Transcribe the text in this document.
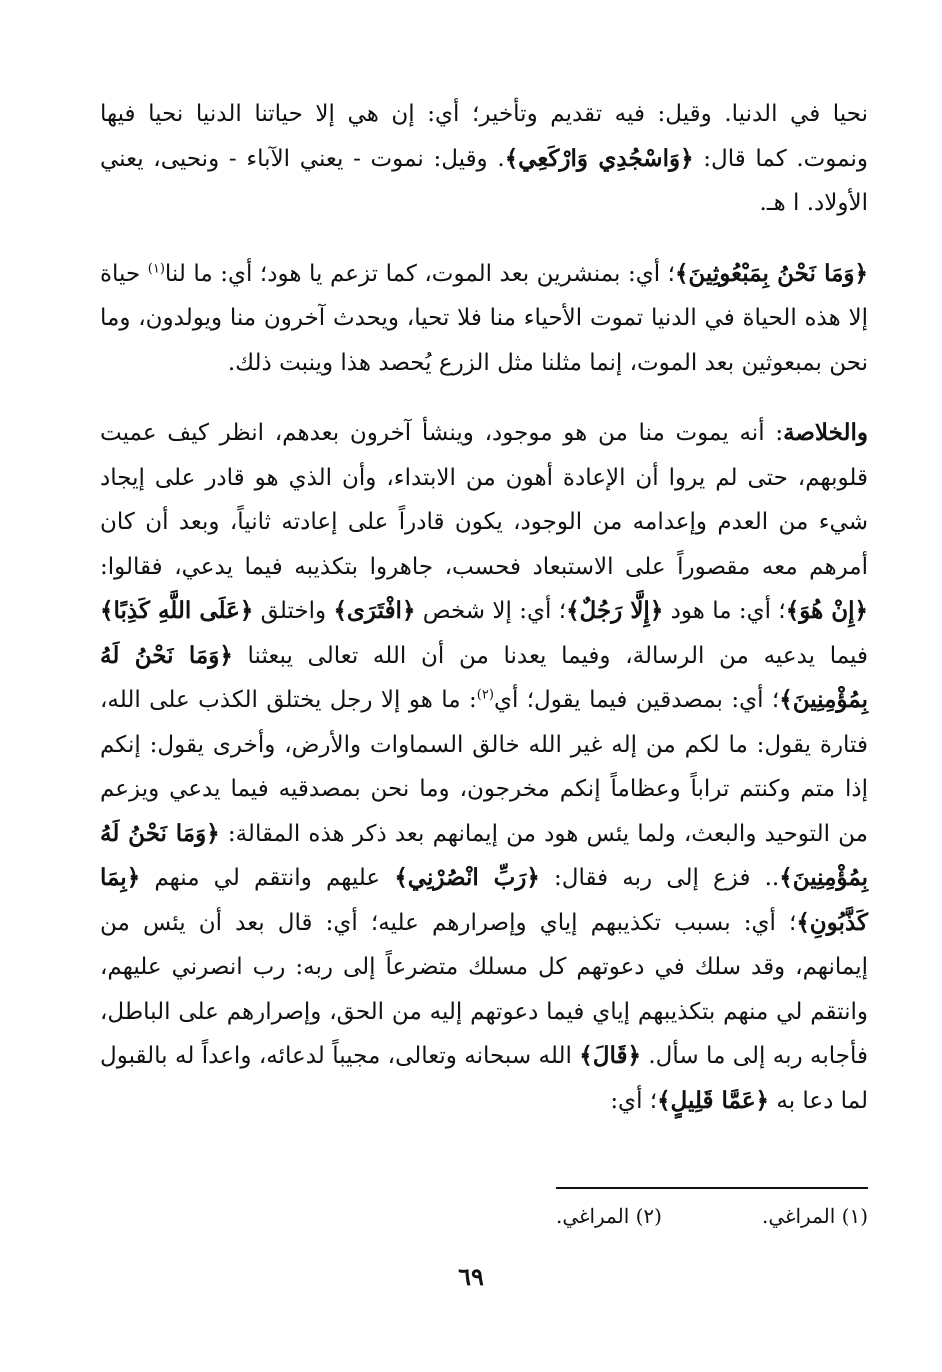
نحيا في الدنيا. وقيل: فيه تقديم وتأخير؛ أي: إن هي إلا حياتنا الدنيا نحيا فيها ونموت. كما قال: ﴿وَاسْجُدِي وَارْكَعِي﴾. وقيل: نموت - يعني الآباء - ونحيى، يعني الأولاد. ا هـ.

﴿وَمَا نَحْنُ بِمَبْعُوثِينَ﴾؛ أي: بمنشرين بعد الموت، كما تزعم يا هود؛ أي: ما لنا$^{(١)}$ حياة إلا هذه الحياة في الدنيا تموت الأحياء منا فلا تحيا، ويحدث آخرون منا ويولدون، وما نحن بمبعوثين بعد الموت، إنما مثلنا مثل الزرع يُحصد هذا وينبت ذلك.

والخلاصة: أنه يموت منا من هو موجود، وينشأ آخرون بعدهم، انظر كيف عميت قلوبهم، حتى لم يروا أن الإعادة أهون من الابتداء، وأن الذي هو قادر على إيجاد شيء من العدم وإعدامه من الوجود، يكون قادراً على إعادته ثانياً، وبعد أن كان أمرهم معه مقصوراً على الاستبعاد فحسب، جاهروا بتكذيبه فيما يدعي، فقالوا: ﴿إِنْ هُوَ﴾؛ أي: ما هود ﴿إِلَّا رَجُلٌ﴾؛ أي: إلا شخص ﴿افْتَرَى﴾ واختلق ﴿عَلَى اللَّهِ كَذِبًا﴾ فيما يدعيه من الرسالة، وفيما يعدنا من أن الله تعالى يبعثنا ﴿وَمَا نَحْنُ لَهُ بِمُؤْمِنِينَ﴾؛ أي: بمصدقين فيما يقول؛ أي$^{(٢)}$: ما هو إلا رجل يختلق الكذب على الله، فتارة يقول: ما لكم من إله غير الله خالق السماوات والأرض، وأخرى يقول: إنكم إذا متم وكنتم تراباً وعظاماً إنكم مخرجون، وما نحن بمصدقيه فيما يدعي ويزعم من التوحيد والبعث، ولما يئس هود من إيمانهم بعد ذكر هذه المقالة: ﴿وَمَا نَحْنُ لَهُ بِمُؤْمِنِينَ﴾.. فزع إلى ربه فقال: ﴿رَبِّ انْصُرْنِي﴾ عليهم وانتقم لي منهم ﴿بِمَا كَذَّبُونِ﴾؛ أي: بسبب تكذيبهم إياي وإصرارهم عليه؛ أي: قال بعد أن يئس من إيمانهم، وقد سلك في دعوتهم كل مسلك متضرعاً إلى ربه: رب انصرني عليهم، وانتقم لي منهم بتكذيبهم إياي فيما دعوتهم إليه من الحق، وإصرارهم على الباطل، فأجابه ربه إلى ما سأل. ﴿قَالَ﴾ الله سبحانه وتعالى، مجيباً لدعائه، واعداً له بالقبول لما دعا به ﴿عَمَّا قَلِيلٍ﴾؛ أي:

(١) المراغي.
(٢) المراغي.
٦٩
